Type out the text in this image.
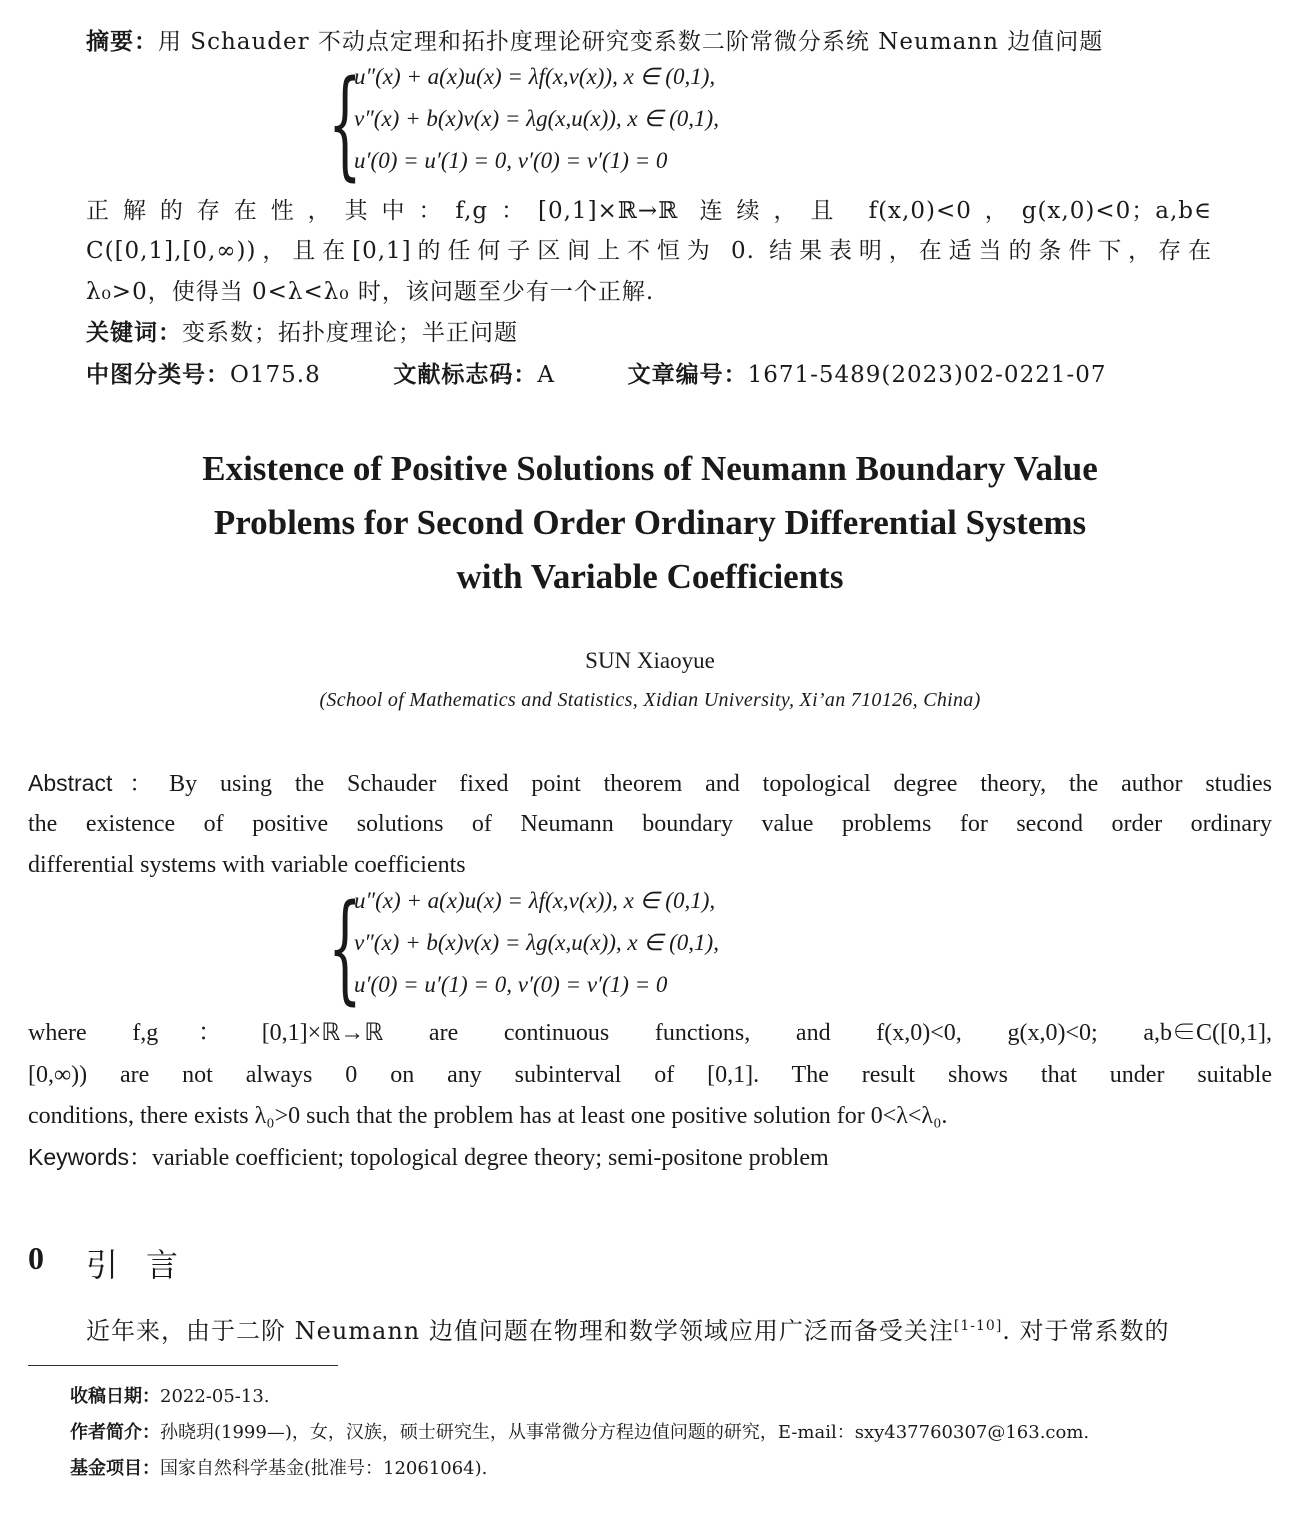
摘要：用 Schauder 不动点定理和拓扑度理论研究变系数二阶常微分系统 Neumann 边值问题
{
u″(x) + a(x)u(x) = λf(x,v(x)), x ∈ (0,1),
v″(x) + b(x)v(x) = λg(x,u(x)), x ∈ (0,1),
u′(0) = u′(1) = 0, v′(0) = v′(1) = 0
正解的存在性，其中：f,g：[0,1]×ℝ→ℝ 连续，且 f(x,0)<0，g(x,0)<0；a,b∈
C([0,1],[0,∞))，且在[0,1]的任何子区间上不恒为 0. 结果表明，在适当的条件下，存在
λ₀>0，使得当 0<λ<λ₀ 时，该问题至少有一个正解.
关键词：变系数；拓扑度理论；半正问题
中图分类号：O175.8	文献标志码：A	文章编号：1671-5489(2023)02-0221-07
Existence of Positive Solutions of Neumann Boundary Value
Problems for Second Order Ordinary Differential Systems
with Variable Coefficients
SUN Xiaoyue
(School of Mathematics and Statistics, Xidian University, Xi’an 710126, China)
Abstract：By using the Schauder fixed point theorem and topological degree theory, the author studies
the existence of positive solutions of Neumann boundary value problems for second order ordinary
differential systems with variable coefficients
{
u″(x) + a(x)u(x) = λf(x,v(x)), x ∈ (0,1),
v″(x) + b(x)v(x) = λg(x,u(x)), x ∈ (0,1),
u′(0) = u′(1) = 0, v′(0) = v′(1) = 0
where f,g：[0,1]×ℝ→ℝ are continuous functions, and f(x,0)<0, g(x,0)<0; a,b∈C([0,1],
[0,∞)) are not always 0 on any subinterval of [0,1]. The result shows that under suitable
conditions, there exists λ₀>0 such that the problem has at least one positive solution for 0<λ<λ₀.
Keywords：variable coefficient; topological degree theory; semi-positone problem
0 引言
近年来，由于二阶 Neumann 边值问题在物理和数学领域应用广泛而备受关注[1-10]. 对于常系数的
收稿日期：2022-05-13.
作者简介：孙晓玥(1999—)，女，汉族，硕士研究生，从事常微分方程边值问题的研究，E-mail：sxy437760307@163.com.
基金项目：国家自然科学基金(批准号：12061064).
